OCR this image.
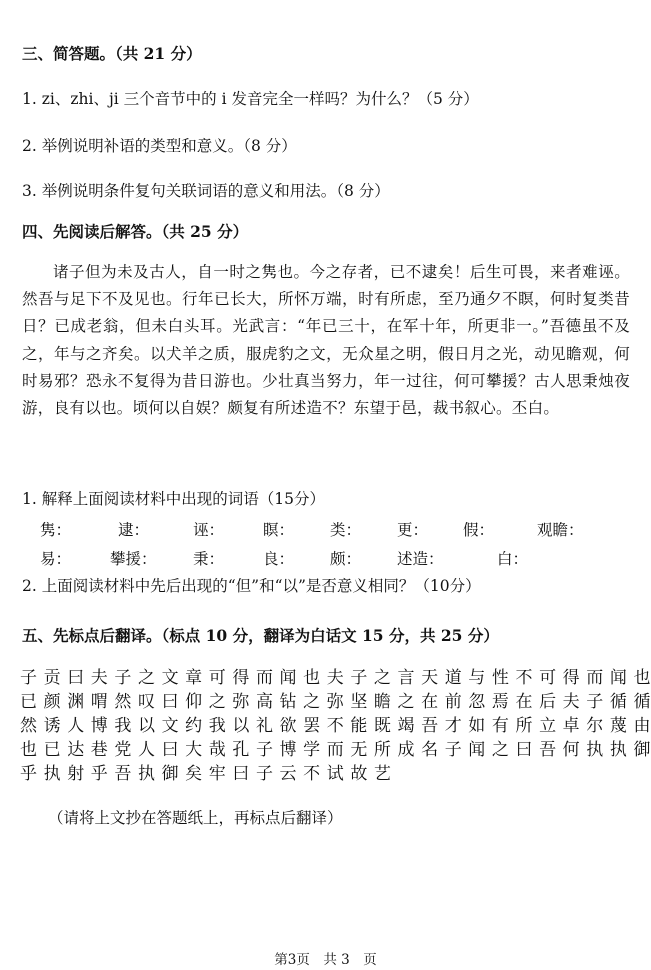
三、简答题。（共 21 分）
1. zi、zhi、ji 三个音节中的 i 发音完全一样吗？为什么？（5 分）
2. 举例说明补语的类型和意义。（8 分）
3. 举例说明条件复句关联词语的意义和用法。（8 分）
四、先阅读后解答。（共 25 分）
诸子但为未及古人，自一时之隽也。今之存者，已不逮矣！后生可畏，来者难诬。然吾与足下不及见也。行年已长大，所怀万端，时有所虑，至乃通夕不瞑，何时复类昔日？已成老翁，但未白头耳。光武言：“年已三十，在军十年，所更非一。”吾德虽不及之，年与之齐矣。以犬羊之质，服虎豹之文，无众星之明，假日月之光，动见瞻观，何时易邪？恐永不复得为昔日游也。少壮真当努力，年一过往，何可攀援？古人思秉烛夜游，良有以也。顷何以自娱？颇复有所述造不？东望于邑，裁书叙心。丕白。
1. 解释上面阅读材料中出现的词语（15分）
隽：	逮：	诬：	瞑： 类： 更： 假：	观瞻：
易：	攀援： 秉：	良： 颇： 述造：	白：
2. 上面阅读材料中先后出现的“但”和“以”是否意义相同？（10分）
五、先标点后翻译。（标点 10 分，翻译为白话文 15 分，共 25 分）
子 贡 曰 夫 子 之 文 章 可 得 而 闻 也 夫 子 之 言 天 道 与 性 不 可 得 而 闻 也
已 颜 渊 喟 然 叹 曰 仰 之 弥 高 钻 之 弥 坚 瞻 之 在 前 忽 焉 在 后 夫 子 循 循
然 诱 人 博 我 以 文 约 我 以 礼 欲 罢 不 能 既 竭 吾 才 如 有 所 立 卓 尔 蔑 由
也 已 达 巷 党 人 曰 大 哉 孔 子 博 学 而 无 所 成 名 子 闻 之 曰 吾 何 执 执 御
乎 执 射 乎 吾 执 御 矣 牢 曰 子 云 不 试 故 艺
（请将上文抄在答题纸上，再标点后翻译）
第3页　共 3　页
